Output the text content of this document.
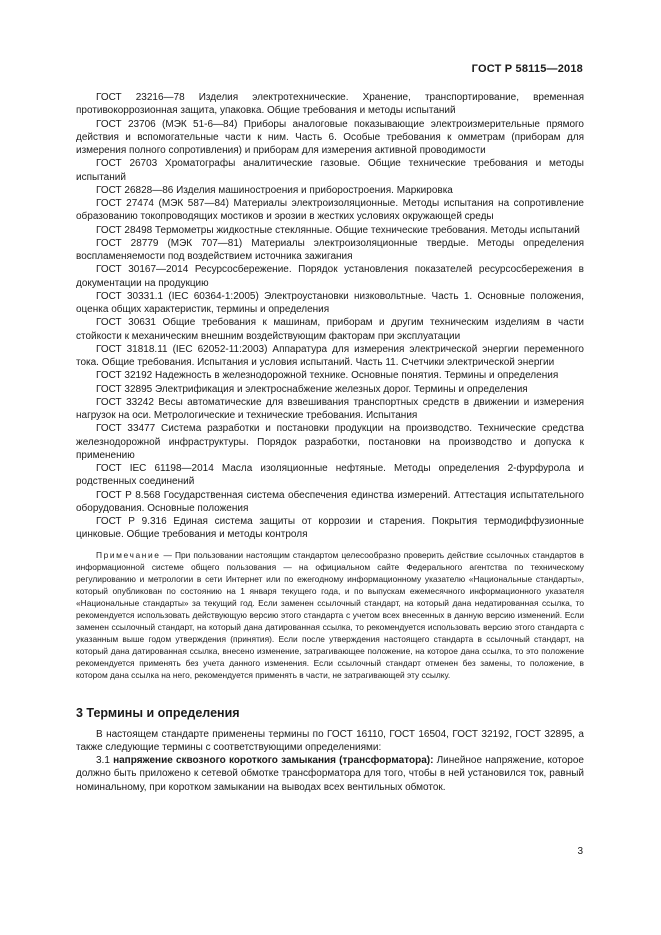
ГОСТ Р 58115—2018

ГОСТ 23216—78 Изделия электротехнические. Хранение, транспортирование, временная противокоррозионная защита, упаковка. Общие требования и методы испытаний

ГОСТ 23706 (МЭК 51-6—84) Приборы аналоговые показывающие электроизмерительные прямого действия и вспомогательные части к ним. Часть 6. Особые требования к омметрам (приборам для измерения полного сопротивления) и приборам для измерения активной проводимости

ГОСТ 26703 Хроматографы аналитические газовые. Общие технические требования и методы испытаний

ГОСТ 26828—86 Изделия машиностроения и приборостроения. Маркировка

ГОСТ 27474 (МЭК 587—84) Материалы электроизоляционные. Методы испытания на сопротивление образованию токопроводящих мостиков и эрозии в жестких условиях окружающей среды

ГОСТ 28498 Термометры жидкостные стеклянные. Общие технические требования. Методы испытаний

ГОСТ 28779 (МЭК 707—81) Материалы электроизоляционные твердые. Методы определения воспламеняемости под воздействием источника зажигания

ГОСТ 30167—2014 Ресурсосбережение. Порядок установления показателей ресурсосбережения в документации на продукцию

ГОСТ 30331.1 (IEC 60364-1:2005) Электроустановки низковольтные. Часть 1. Основные положения, оценка общих характеристик, термины и определения

ГОСТ 30631 Общие требования к машинам, приборам и другим техническим изделиям в части стойкости к механическим внешним воздействующим факторам при эксплуатации

ГОСТ 31818.11 (IEC 62052-11:2003) Аппаратура для измерения электрической энергии переменного тока. Общие требования. Испытания и условия испытаний. Часть 11. Счетчики электрической энергии

ГОСТ 32192 Надежность в железнодорожной технике. Основные понятия. Термины и определения

ГОСТ 32895 Электрификация и электроснабжение железных дорог. Термины и определения

ГОСТ 33242 Весы автоматические для взвешивания транспортных средств в движении и измерения нагрузок на оси. Метрологические и технические требования. Испытания

ГОСТ 33477 Система разработки и постановки продукции на производство. Технические средства железнодорожной инфраструктуры. Порядок разработки, постановки на производство и допуска к применению

ГОСТ IEC 61198—2014 Масла изоляционные нефтяные. Методы определения 2-фурфурола и родственных соединений

ГОСТ Р 8.568 Государственная система обеспечения единства измерений. Аттестация испытательного оборудования. Основные положения

ГОСТ Р 9.316 Единая система защиты от коррозии и старения. Покрытия термодиффузионные цинковые. Общие требования и методы контроля

Примечание — При пользовании настоящим стандартом целесообразно проверить действие ссылочных стандартов в информационной системе общего пользования — на официальном сайте Федерального агентства по техническому регулированию и метрологии в сети Интернет или по ежегодному информационному указателю «Национальные стандарты», который опубликован по состоянию на 1 января текущего года, и по выпускам ежемесячного информационного указателя «Национальные стандарты» за текущий год. Если заменен ссылочный стандарт, на который дана недатированная ссылка, то рекомендуется использовать действующую версию этого стандарта с учетом всех внесенных в данную версию изменений. Если заменен ссылочный стандарт, на который дана датированная ссылка, то рекомендуется использовать версию этого стандарта с указанным выше годом утверждения (принятия). Если после утверждения настоящего стандарта в ссылочный стандарт, на который дана датированная ссылка, внесено изменение, затрагивающее положение, на которое дана ссылка, то это положение рекомендуется применять без учета данного изменения. Если ссылочный стандарт отменен без замены, то положение, в котором дана ссылка на него, рекомендуется применять в части, не затрагивающей эту ссылку.

3 Термины и определения

В настоящем стандарте применены термины по ГОСТ 16110, ГОСТ 16504, ГОСТ 32192, ГОСТ 32895, а также следующие термины с соответствующими определениями:

3.1 напряжение сквозного короткого замыкания (трансформатора): Линейное напряжение, которое должно быть приложено к сетевой обмотке трансформатора для того, чтобы в ней установился ток, равный номинальному, при коротком замыкании на выводах всех вентильных обмоток.

3
